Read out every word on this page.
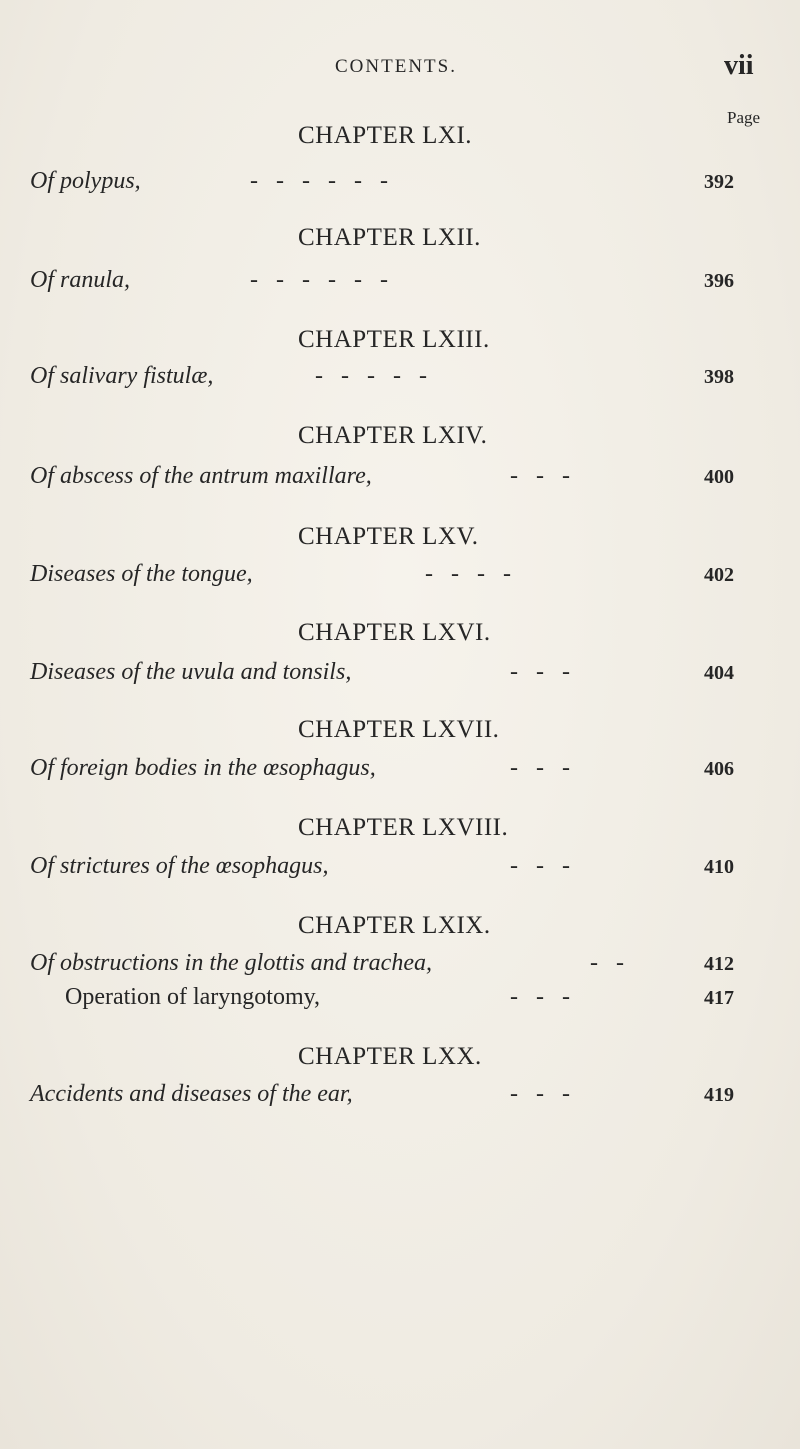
CONTENTS.	vii
Page
CHAPTER LXI.
Of polypus,	-   -   -   -   -   -	392
CHAPTER LXII.
Of ranula,	-   -   -   -   -   -	396
CHAPTER LXIII.
Of salivary fistulæ,	-   -   -   -   -	398
CHAPTER LXIV.
Of abscess of the antrum maxillare,	-   -   -	400
CHAPTER LXV.
Diseases of the tongue,	-   -   -   -	402
CHAPTER LXVI.
Diseases of the uvula and tonsils,	-   -   -	404
CHAPTER LXVII.
Of foreign bodies in the œsophagus,	-   -   -	406
CHAPTER LXVIII.
Of strictures of the œsophagus,	-   -   -	410
CHAPTER LXIX.
Of obstructions in the glottis and trachea,	-   -	412
Operation of laryngotomy,	-   -   -	417
CHAPTER LXX.
Accidents and diseases of the ear,	-   -   -	419
